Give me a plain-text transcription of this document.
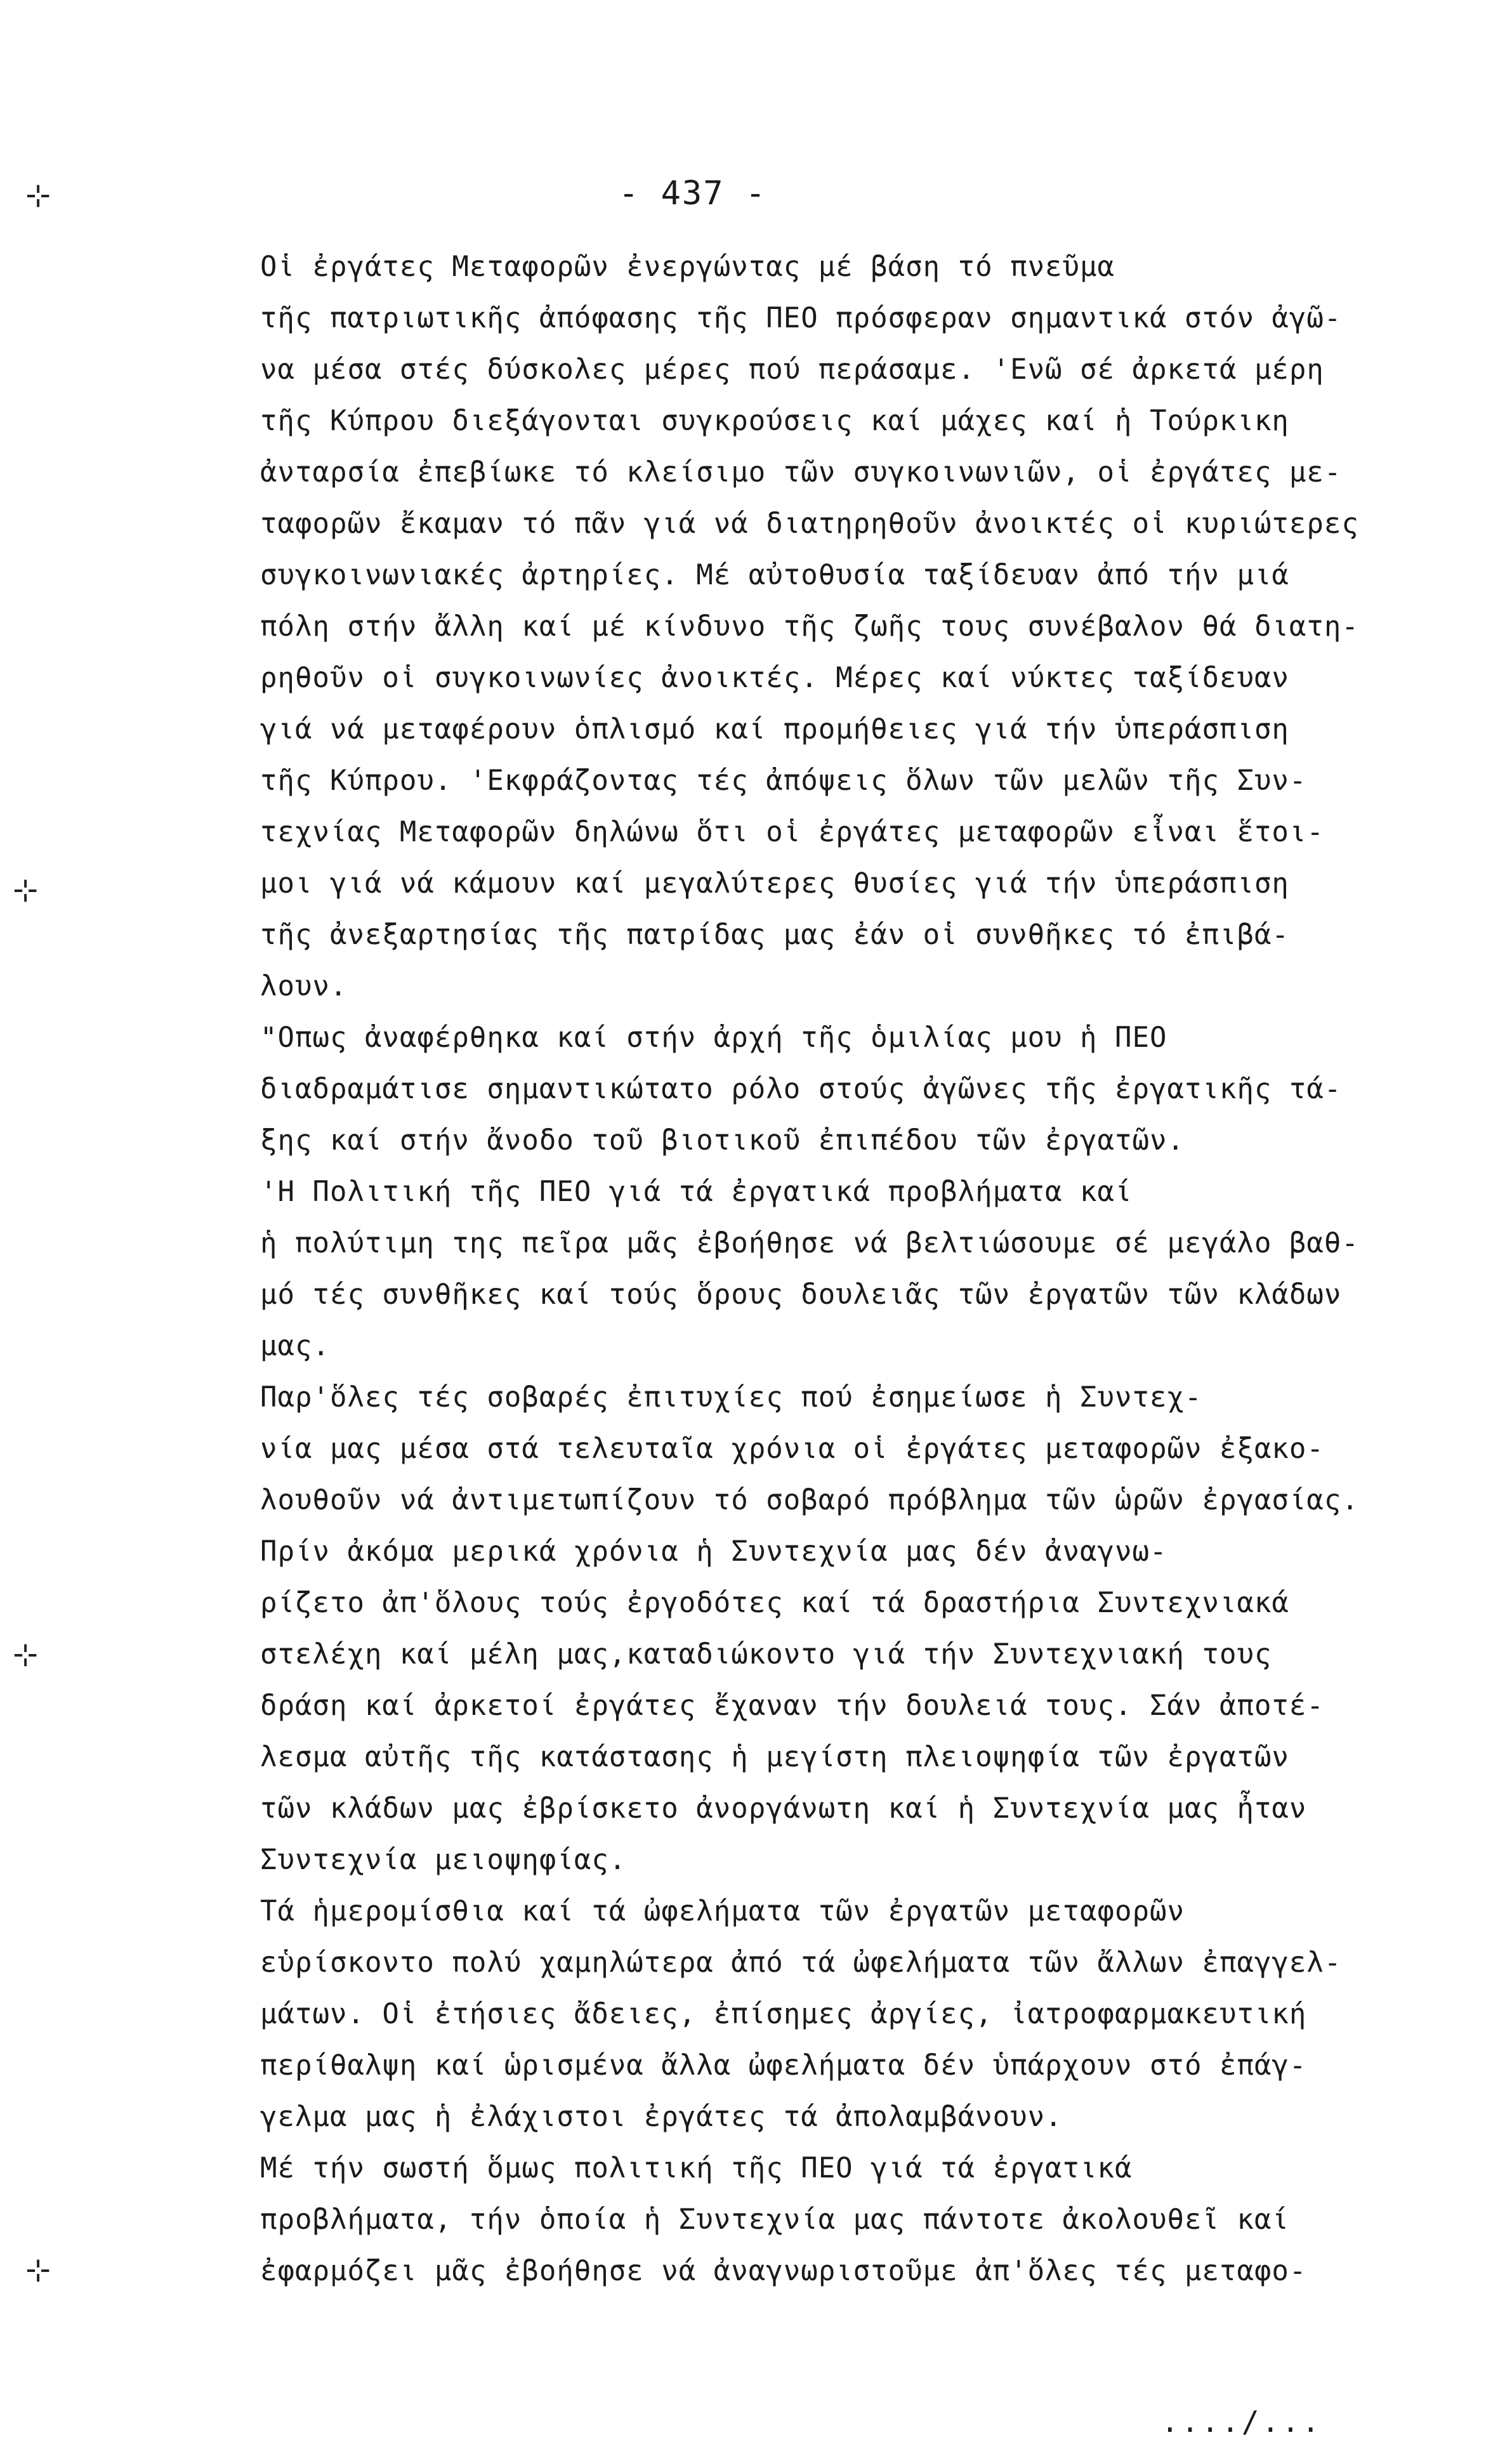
- 437 -
⊹
⊹
⊹
⊹
Οἱ ἐργάτες Μεταφορῶν ἐνεργώντας μέ βάση τό πνεῦμα
τῆς πατριωτικῆς ἀπόφασης τῆς ΠΕΟ πρόσφεραν σημαντικά στόν ἀγῶ-
να μέσα στές δύσκολες μέρες πού περάσαμε. 'Ενῶ σέ ἀρκετά μέρη
τῆς Κύπρου διεξάγονται συγκρούσεις καί μάχες καί ἡ Τούρκικη
ἀνταρσία ἐπεβίωκε τό κλείσιμο τῶν συγκοινωνιῶν, οἱ ἐργάτες με-
ταφορῶν ἔκαμαν τό πᾶν γιά νά διατηρηθοῦν ἀνοικτές οἱ κυριώτερες
συγκοινωνιακές ἀρτηρίες. Μέ αὐτοθυσία ταξίδευαν ἀπό τήν μιά
πόλη στήν ἄλλη καί μέ κίνδυνο τῆς ζωῆς τους συνέβαλον θά διατη-
ρηθοῦν οἱ συγκοινωνίες ἀνοικτές. Μέρες καί νύκτες ταξίδευαν
γιά νά μεταφέρουν ὁπλισμό καί προμήθειες γιά τήν ὑπεράσπιση
τῆς Κύπρου. 'Εκφράζοντας τές ἀπόψεις ὅλων τῶν μελῶν τῆς Συν-
τεχνίας Μεταφορῶν δηλώνω ὅτι οἱ ἐργάτες μεταφορῶν εἶναι ἕτοι-
μοι γιά νά κάμουν καί μεγαλύτερες θυσίες γιά τήν ὑπεράσπιση
τῆς ἀνεξαρτησίας τῆς πατρίδας μας ἐάν οἱ συνθῆκες τό ἐπιβά-
λουν.
"Οπως ἀναφέρθηκα καί στήν ἀρχή τῆς ὁμιλίας μου ἡ ΠΕΟ
διαδραμάτισε σημαντικώτατο ρόλο στούς ἀγῶνες τῆς ἐργατικῆς τά-
ξης καί στήν ἄνοδο τοῦ βιοτικοῦ ἐπιπέδου τῶν ἐργατῶν.
'Η Πολιτική τῆς ΠΕΟ γιά τά ἐργατικά προβλήματα καί
ἡ πολύτιμη της πεῖρα μᾶς ἐβοήθησε νά βελτιώσουμε σέ μεγάλο βαθ-
μό τές συνθῆκες καί τούς ὅρους δουλειᾶς τῶν ἐργατῶν τῶν κλάδων
μας.
Παρ'ὅλες τές σοβαρές ἐπιτυχίες πού ἐσημείωσε ἡ Συντεχ-
νία μας μέσα στά τελευταῖα χρόνια οἱ ἐργάτες μεταφορῶν ἐξακο-
λουθοῦν νά ἀντιμετωπίζουν τό σοβαρό πρόβλημα τῶν ὡρῶν ἐργασίας.
Πρίν ἀκόμα μερικά χρόνια ἡ Συντεχνία μας δέν ἀναγνω-
ρίζετο ἀπ'ὅλους τούς ἐργοδότες καί τά δραστήρια Συντεχνιακά
στελέχη καί μέλη μας,καταδιώκοντο γιά τήν Συντεχνιακή τους
δράση καί ἀρκετοί ἐργάτες ἔχαναν τήν δουλειά τους. Σάν ἀποτέ-
λεσμα αὐτῆς τῆς κατάστασης ἡ μεγίστη πλειοψηφία τῶν ἐργατῶν
τῶν κλάδων μας ἐβρίσκετο ἀνοργάνωτη καί ἡ Συντεχνία μας ἦταν
Συντεχνία μειοψηφίας.
Τά ἡμερομίσθια καί τά ὠφελήματα τῶν ἐργατῶν μεταφορῶν
εὑρίσκοντο πολύ χαμηλώτερα ἀπό τά ὠφελήματα τῶν ἄλλων ἐπαγγελ-
μάτων. Οἱ ἐτήσιες ἄδειες, ἐπίσημες ἀργίες, ἰατροφαρμακευτική
περίθαλψη καί ὡρισμένα ἄλλα ὠφελήματα δέν ὑπάρχουν στό ἐπάγ-
γελμα μας ἡ ἐλάχιστοι ἐργάτες τά ἀπολαμβάνουν.
Μέ τήν σωστή ὅμως πολιτική τῆς ΠΕΟ γιά τά ἐργατικά
προβλήματα, τήν ὁποία ἡ Συντεχνία μας πάντοτε ἀκολουθεῖ καί
ἐφαρμόζει μᾶς ἐβοήθησε νά ἀναγνωριστοῦμε ἀπ'ὅλες τές μεταφο-
..../...
